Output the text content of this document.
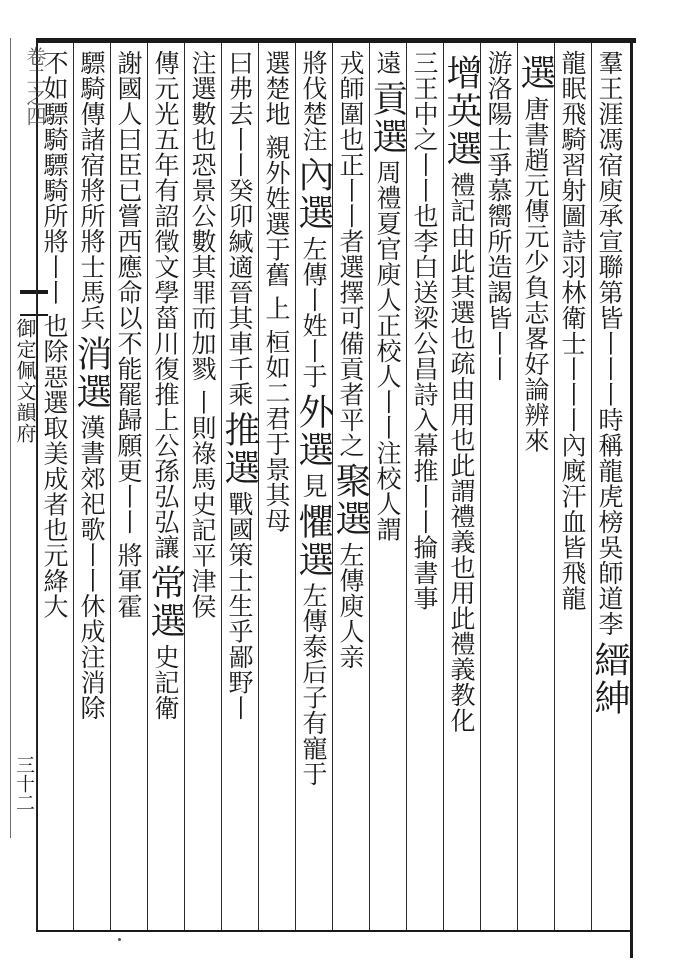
卷二之四
御定佩文韻府
三十二
羣王涯馮宿庾承宣聯第皆丨丨丨時稱龍虎榜吳師道李縉紳
龍眠飛騎習射圖詩羽林衛士丨丨丨內廐汗血皆飛龍
選唐書趙元傳元少負志畧好論辨來
游洛陽士爭慕嚮所造謁皆丨丨
增英選禮記由此其選也疏由用也此謂禮義也用此禮義教化
三王中之丨丨也李白送梁公昌詩入幕推丨丨掄書事
遠貢選周禮夏官庾人正校人丨丨注校人謂
戎師圍也正丨丨者選擇可備貢者平之聚選左傳庾人亲
將伐楚注內選左傳丨姓丨于外選見懼選左傳泰后子有寵于
選楚地親外姓選于舊上桓如二君于景其母
曰弗去丨丨癸卯緘適晉其車千乘推選戰國策士生乎鄙野丨
注選數也恐景公數其罪而加戮丨則祿馬史記平津侯
傳元光五年有詔徵文學菑川復推上公孫弘弘讓常選史記衛
謝國人曰臣已嘗西應命以不能罷歸願更丨丨將軍霍
驃騎傳諸宿將所將士馬兵消選漢書郊祀歌丨丨休成注消除
不如驃騎驃騎所將丨丨也除惡選取美成者也元絳大
